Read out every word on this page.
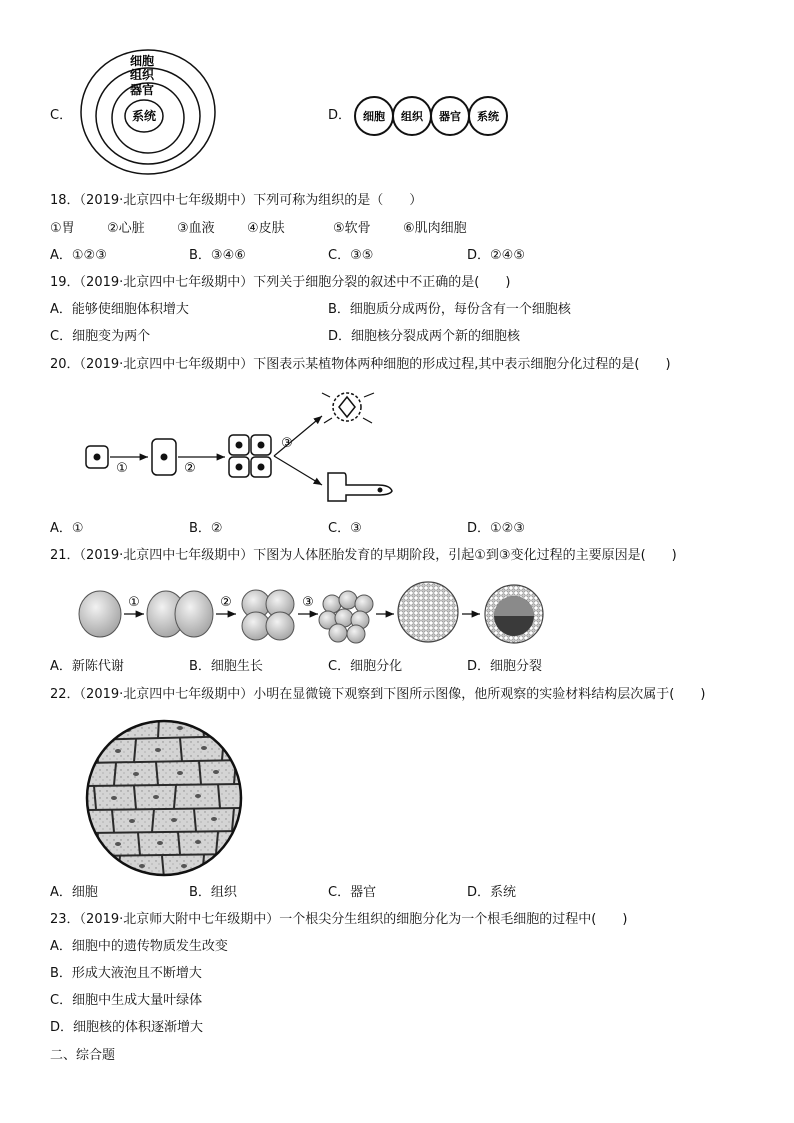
C．
细胞
组织
器官
系统	D． 细胞 组织 器官 系统
18．（2019·北京四中七年级期中）下列可称为组织的是（　　）
①胃 ②心脏 ③血液 ④皮肤	⑤软骨 ⑥肌肉细胞
A．①②③	B．③④⑥	C．③⑤	D．②④⑤
19．（2019·北京四中七年级期中）下列关于细胞分裂的叙述中不正确的是(　　)
A．能够使细胞体积增大	B．细胞质分成两份，每份含有一个细胞核
C．细胞变为两个	D．细胞核分裂成两个新的细胞核
20．（2019·北京四中七年级期中）下图表示某植物体两种细胞的形成过程,其中表示细胞分化过程的是(　　)
①	②
③
A．①	B．②	C．③	D．①②③
21．（2019·北京四中七年级期中）下图为人体胚胎发育的早期阶段，引起①到③变化过程的主要原因是(　　)
①	②	③
A．新陈代谢	B．细胞生长	C．细胞分化	D．细胞分裂
22．（2019·北京四中七年级期中）小明在显微镜下观察到下图所示图像，他所观察的实验材料结构层次属于(　　)
A．细胞	B．组织	C．器官	D．系统
23．（2019·北京师大附中七年级期中）一个根尖分生组织的细胞分化为一个根毛细胞的过程中(　　)
A．细胞中的遗传物质发生改变
B．形成大液泡且不断增大
C．细胞中生成大量叶绿体
D．细胞核的体积逐渐增大
二、综合题
